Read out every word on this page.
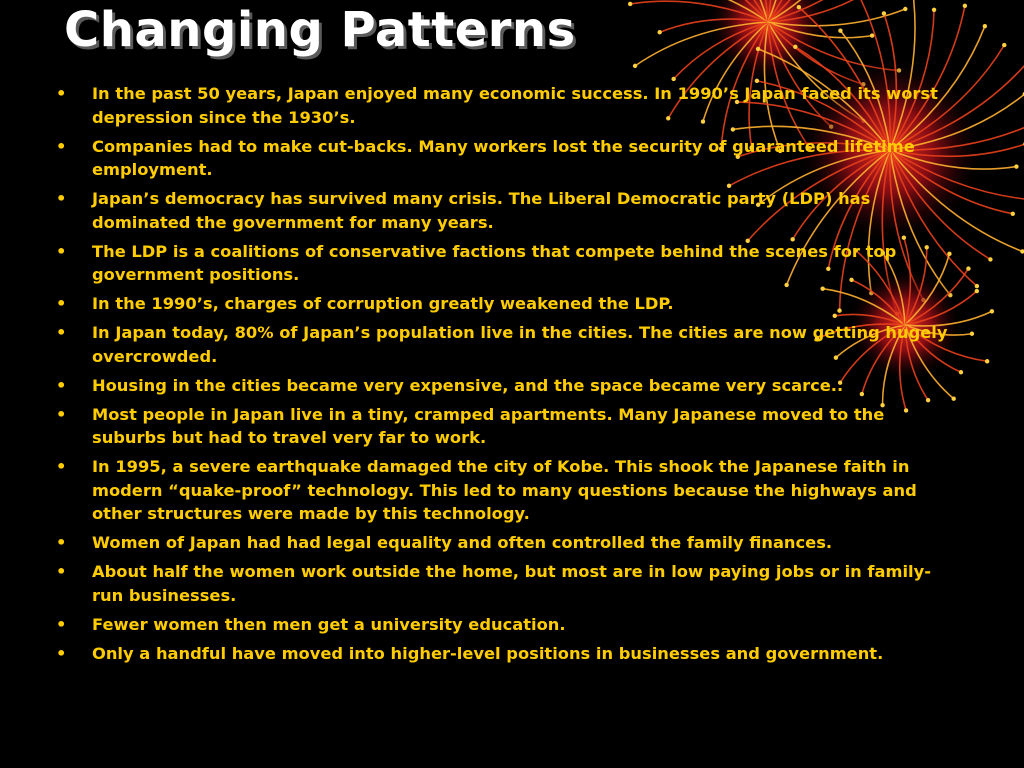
Changing Patterns
• In the past 50 years, Japan enjoyed many economic success. In 1990’s Japan faced its worst depression since the 1930’s.
• Companies had to make cut-backs. Many workers lost the security of guaranteed lifetime employment.
• Japan’s democracy has survived many crisis. The Liberal Democratic party (LDP) has dominated the government for many years.
• The LDP is a coalitions of conservative factions that compete behind the scenes for top government positions.
• In the 1990’s, charges of corruption greatly weakened the LDP.
• In Japan today, 80% of Japan’s population live in the cities. The cities are now getting hugely overcrowded.
• Housing in the cities became very expensive, and the space became very scarce..
• Most people in Japan live in a tiny, cramped apartments. Many Japanese moved to the suburbs but had to travel very far to work.
• In 1995, a severe earthquake damaged the city of Kobe. This shook the Japanese faith in modern “quake-proof” technology. This led to many questions because the highways and other structures were made by this technology.
• Women of Japan had had legal equality and often controlled the family finances.
• About half the women work outside the home, but most are in low paying jobs or in family-run businesses.
• Fewer women then men get a university education.
• Only a handful have moved into higher-level positions in businesses and government.
